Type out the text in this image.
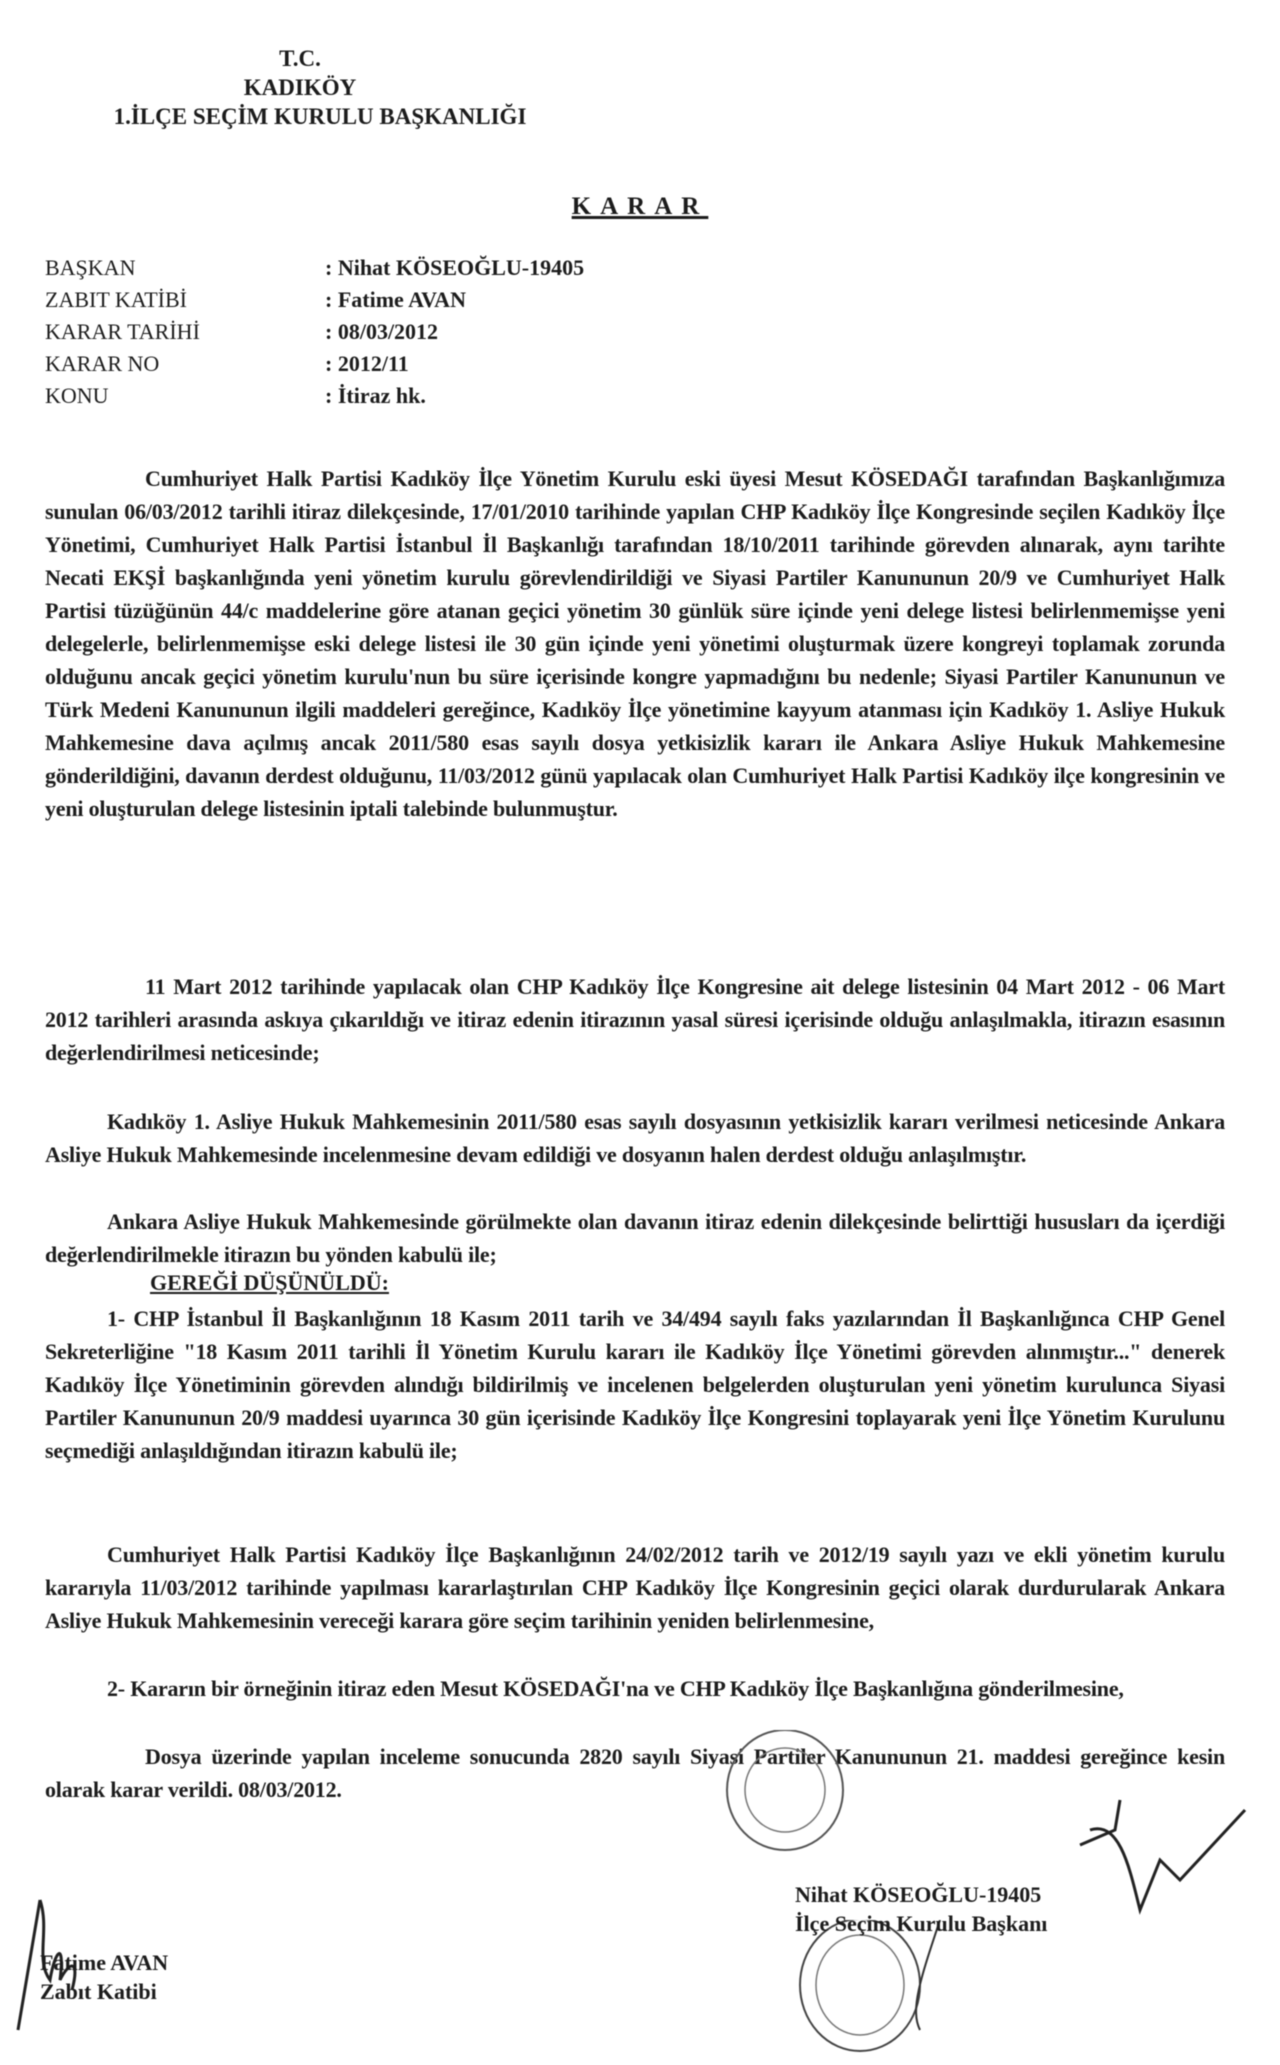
T.C.
KADIKÖY
1.İLÇE SEÇİM KURULU BAŞKANLIĞI
KARAR
BAŞKAN	: Nihat KÖSEOĞLU-19405
ZABIT KATİBİ	: Fatime AVAN
KARAR TARİHİ	: 08/03/2012
KARAR NO	: 2012/11
KONU	: İtiraz hk.
Cumhuriyet Halk Partisi Kadıköy İlçe Yönetim Kurulu eski üyesi Mesut KÖSEDAĞI tarafından Başkanlığımıza sunulan 06/03/2012 tarihli itiraz dilekçesinde, 17/01/2010 tarihinde yapılan CHP Kadıköy İlçe Kongresinde seçilen Kadıköy İlçe Yönetimi, Cumhuriyet Halk Partisi İstanbul İl Başkanlığı tarafından 18/10/2011 tarihinde görevden alınarak, aynı tarihte Necati EKŞİ başkanlığında yeni yönetim kurulu görevlendirildiği ve Siyasi Partiler Kanununun 20/9 ve Cumhuriyet Halk Partisi tüzüğünün 44/c maddelerine göre atanan geçici yönetim 30 günlük süre içinde yeni delege listesi belirlenmemişse yeni delegelerle, belirlenmemişse eski delege listesi ile 30 gün içinde yeni yönetimi oluşturmak üzere kongreyi toplamak zorunda olduğunu ancak geçici yönetim kurulu'nun bu süre içerisinde kongre yapmadığını bu nedenle; Siyasi Partiler Kanununun ve Türk Medeni Kanununun ilgili maddeleri gereğince, Kadıköy İlçe yönetimine kayyum atanması için Kadıköy 1. Asliye Hukuk Mahkemesine dava açılmış ancak 2011/580 esas sayılı dosya yetkisizlik kararı ile Ankara Asliye Hukuk Mahkemesine gönderildiğini, davanın derdest olduğunu, 11/03/2012 günü yapılacak olan Cumhuriyet Halk Partisi Kadıköy ilçe kongresinin ve yeni oluşturulan delege listesinin iptali talebinde bulunmuştur.
11 Mart 2012 tarihinde yapılacak olan CHP Kadıköy İlçe Kongresine ait delege listesinin 04 Mart 2012 - 06 Mart 2012 tarihleri arasında askıya çıkarıldığı ve itiraz edenin itirazının yasal süresi içerisinde olduğu anlaşılmakla, itirazın esasının değerlendirilmesi neticesinde;
Kadıköy 1. Asliye Hukuk Mahkemesinin 2011/580 esas sayılı dosyasının yetkisizlik kararı verilmesi neticesinde Ankara Asliye Hukuk Mahkemesinde incelenmesine devam edildiği ve dosyanın halen derdest olduğu anlaşılmıştır.
Ankara Asliye Hukuk Mahkemesinde görülmekte olan davanın itiraz edenin dilekçesinde belirttiği hususları da içerdiği değerlendirilmekle itirazın bu yönden kabulü ile;
GEREĞİ DÜŞÜNÜLDÜ:
1- CHP İstanbul İl Başkanlığının 18 Kasım 2011 tarih ve 34/494 sayılı faks yazılarından İl Başkanlığınca CHP Genel Sekreterliğine "18 Kasım 2011 tarihli İl Yönetim Kurulu kararı ile Kadıköy İlçe Yönetimi görevden alınmıştır..." denerek Kadıköy İlçe Yönetiminin görevden alındığı bildirilmiş ve incelenen belgelerden oluşturulan yeni yönetim kurulunca Siyasi Partiler Kanununun 20/9 maddesi uyarınca 30 gün içerisinde Kadıköy İlçe Kongresini toplayarak yeni İlçe Yönetim Kurulunu seçmediği anlaşıldığından itirazın kabulü ile;
Cumhuriyet Halk Partisi Kadıköy İlçe Başkanlığının 24/02/2012 tarih ve 2012/19 sayılı yazı ve ekli yönetim kurulu kararıyla 11/03/2012 tarihinde yapılması kararlaştırılan CHP Kadıköy İlçe Kongresinin geçici olarak durdurularak Ankara Asliye Hukuk Mahkemesinin vereceği karara göre seçim tarihinin yeniden belirlenmesine,
2- Kararın bir örneğinin itiraz eden Mesut KÖSEDAĞI'na ve CHP Kadıköy İlçe Başkanlığına gönderilmesine,
Dosya üzerinde yapılan inceleme sonucunda 2820 sayılı Siyasi Partiler Kanununun 21. maddesi gereğince kesin olarak karar verildi. 08/03/2012.
Fatime AVAN
Zabıt Katibi
Nihat KÖSEOĞLU-19405
İlçe Seçim Kurulu Başkanı
